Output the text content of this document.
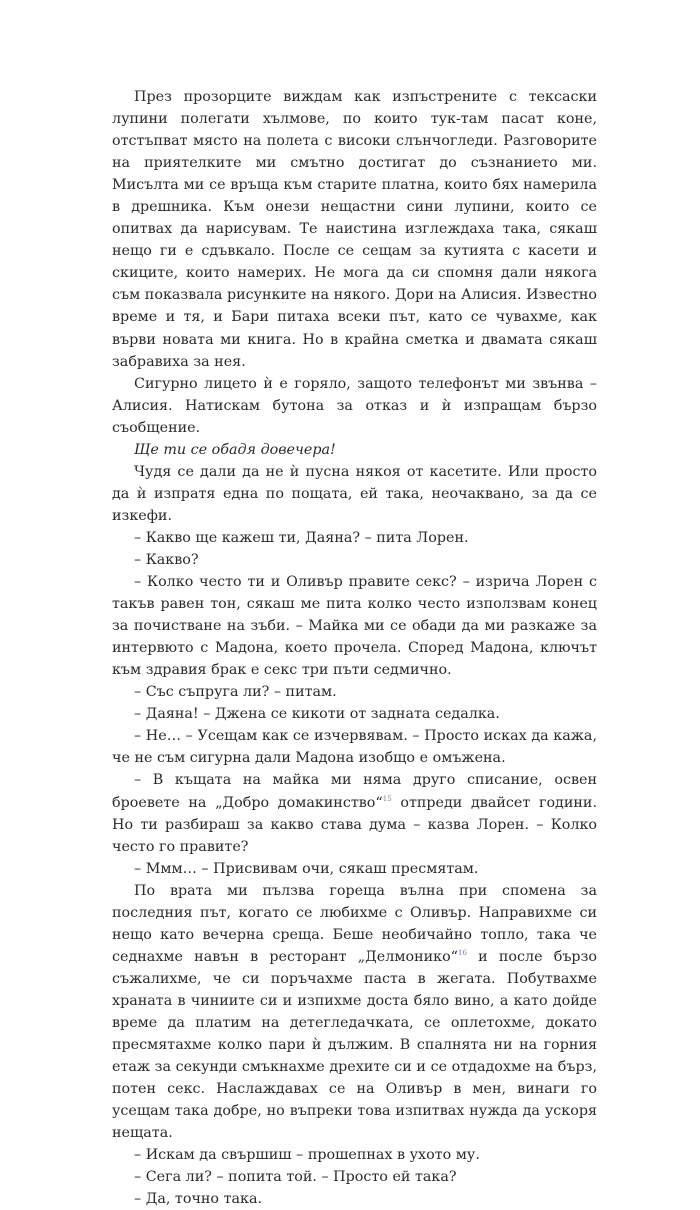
През прозорците виждам как изпъстрените с тексаски лупини полегати хълмове, по които тук-там пасат коне, отстъпват място на полета с високи слънчогледи. Разговорите на приятелките ми смътно достигат до съзнанието ми. Мисълта ми се връща към старите платна, които бях намерила в дрешника. Към онези нещастни сини лупини, които се опитвах да нарисувам. Те наистина изглеждаха така, сякаш нещо ги е сдъвкало. После се сещам за кутията с касети и скиците, които намерих. Не мога да си спомня дали някога съм показвала рисунките на някого. Дори на Алисия. Известно време и тя, и Бари питаха всеки път, като се чувахме, как върви новата ми книга. Но в крайна сметка и двамата сякаш забравиха за нея.

Сигурно лицето ѝ е горяло, защото телефонът ми звънва – Алисия. Натискам бутона за отказ и ѝ изпращам бързо съобщение.

Ще ти се обадя довечера!

Чудя се дали да не ѝ пусна някоя от касетите. Или просто да ѝ изпратя една по пощата, ей така, неочаквано, за да се изкефи.

– Какво ще кажеш ти, Даяна? – пита Лорен.

– Какво?

– Колко често ти и Оливър правите секс? – изрича Лорен с такъв равен тон, сякаш ме пита колко често използвам конец за почистване на зъби. – Майка ми се обади да ми разкаже за интервюто с Мадона, което прочела. Според Мадона, ключът към здравия брак е секс три пъти седмично.

– Със съпруга ли? – питам.

– Даяна! – Джена се кикоти от задната седалка.

– Не… – Усещам как се изчервявам. – Просто исках да кажа, че не съм сигурна дали Мадона изобщо е омъжена.

– В къщата на майка ми няма друго списание, освен броевете на „Добро домакинство“$^{15}$ отпреди двайсет години. Но ти разбираш за какво става дума – казва Лорен. – Колко често го правите?

– Ммм… – Присвивам очи, сякаш пресмятам.

По врата ми пълзва гореща вълна при спомена за последния път, когато се любихме с Оливър. Направихме си нещо като вечерна среща. Беше необичайно топло, така че седнахме навън в ресторант „Делмонико“$^{16}$ и после бързо съжалихме, че си поръчахме паста в жегата. Побутвахме храната в чиниите си и изпихме доста бяло вино, а като дойде време да платим на детегледачката, се оплетохме, докато пресмятахме колко пари ѝ дължим. В спалнята ни на горния етаж за секунди смъкнахме дрехите си и се отдадохме на бърз, потен секс. Наслаждавах се на Оливър в мен, винаги го усещам така добре, но въпреки това изпитвах нужда да ускоря нещата.

– Искам да свършиш – прошепнах в ухото му.

– Сега ли? – попита той. – Просто ей така?

– Да, точно така.
